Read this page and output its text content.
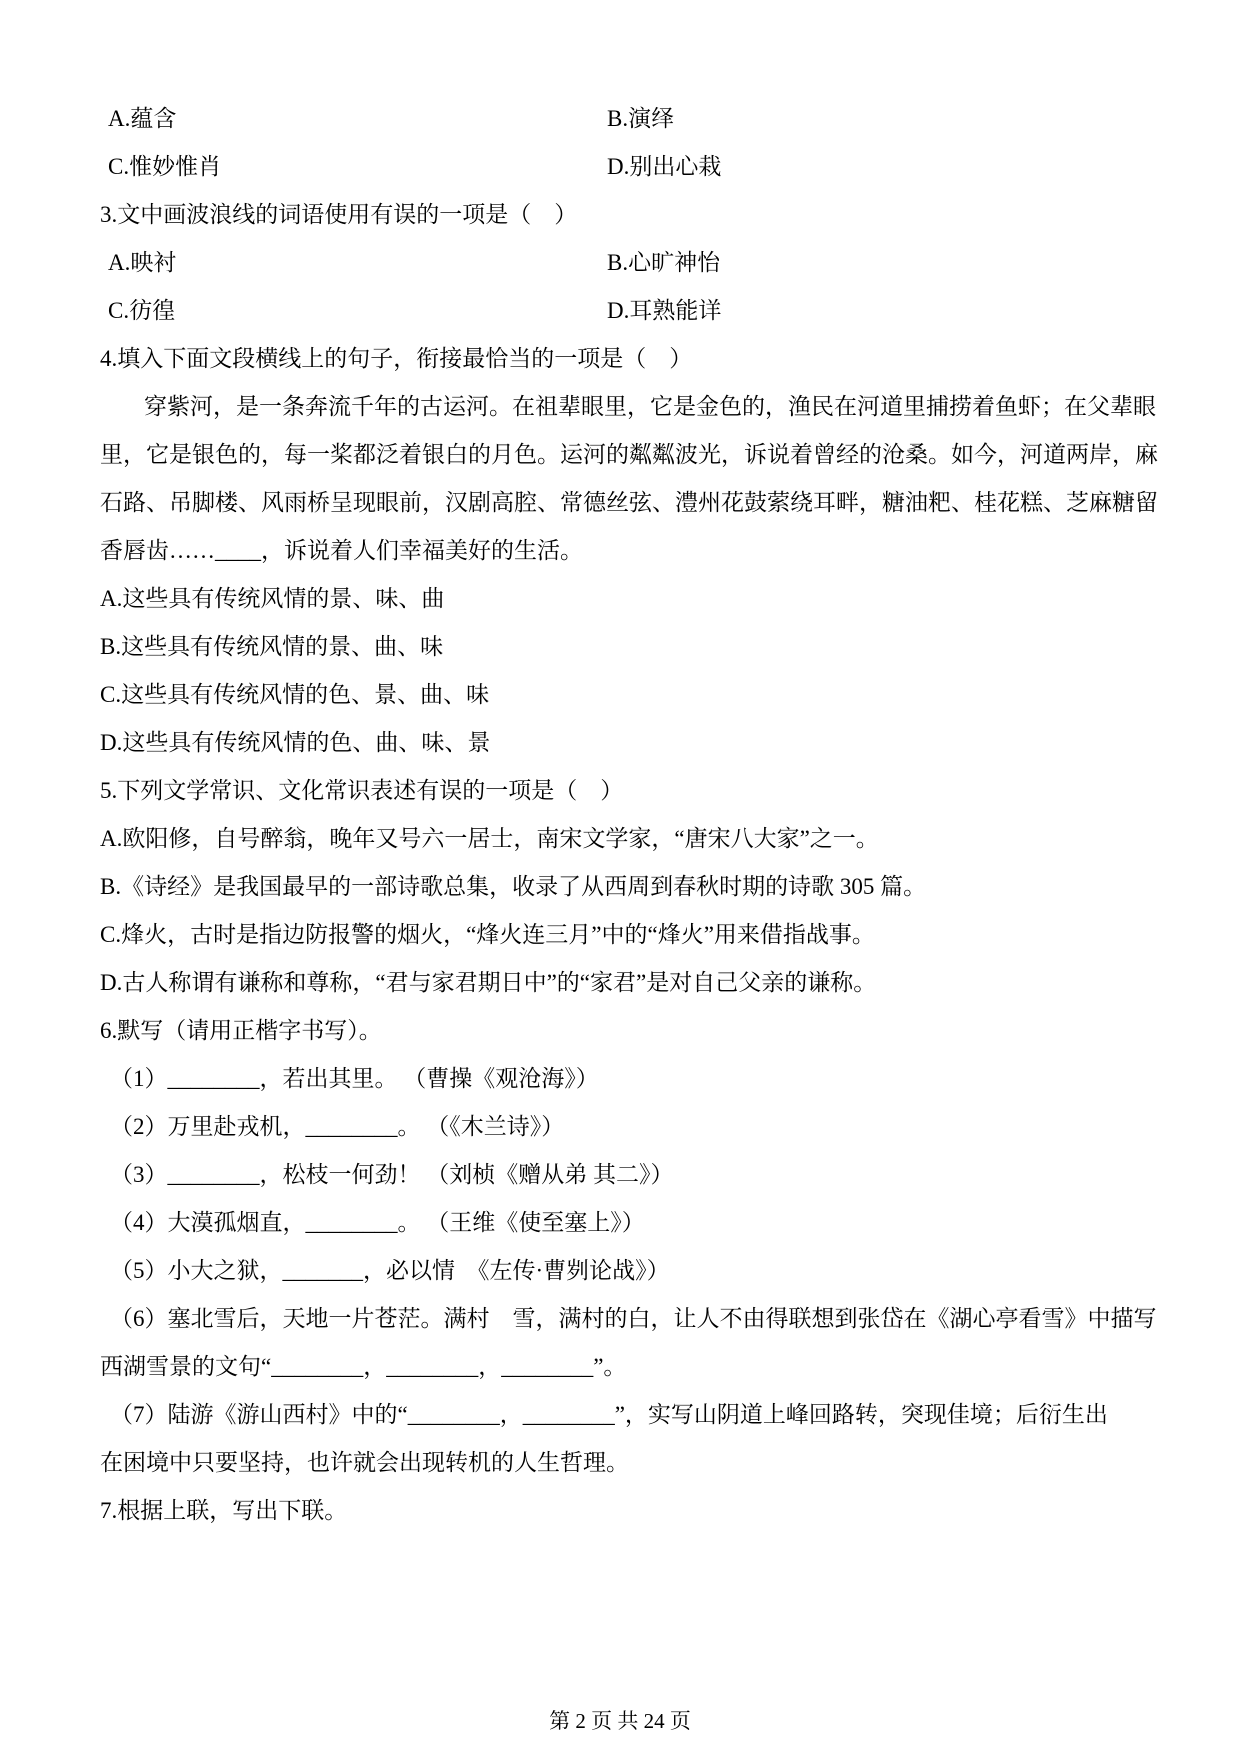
A.蕴含	B.演绎
C.惟妙惟肖	D.别出心栽
3.文中画波浪线的词语使用有误的一项是（　）
A.映衬	B.心旷神怡
C.彷徨	D.耳熟能详
4.填入下面文段横线上的句子，衔接最恰当的一项是（　）
穿紫河，是一条奔流千年的古运河。在祖辈眼里，它是金色的，渔民在河道里捕捞着鱼虾；在父辈眼
里，它是银色的，每一桨都泛着银白的月色。运河的粼粼波光，诉说着曾经的沧桑。如今，河道两岸，麻
石路、吊脚楼、风雨桥呈现眼前，汉剧高腔、常德丝弦、澧州花鼓萦绕耳畔，糖油粑、桂花糕、芝麻糖留
香唇齿……____，诉说着人们幸福美好的生活。
A.这些具有传统风情的景、味、曲
B.这些具有传统风情的景、曲、味
C.这些具有传统风情的色、景、曲、味
D.这些具有传统风情的色、曲、味、景
5.下列文学常识、文化常识表述有误的一项是（　）
A.欧阳修，自号醉翁，晚年又号六一居士，南宋文学家，“唐宋八大家”之一。
B.《诗经》是我国最早的一部诗歌总集，收录了从西周到春秋时期的诗歌 305 篇。
C.烽火，古时是指边防报警的烟火，“烽火连三月”中的“烽火”用来借指战事。
D.古人称谓有谦称和尊称，“君与家君期日中”的“家君”是对自己父亲的谦称。
6.默写（请用正楷字书写）。
（1）________，若出其里。 （曹操《观沧海》）
（2）万里赴戎机，________。 （《木兰诗》）
（3）________，松枝一何劲！ （刘桢《赠从弟 其二》）
（4）大漠孤烟直，________。 （王维《使至塞上》）
（5）小大之狱，_______，必以情　《左传·曹刿论战》）
（6）塞北雪后，天地一片苍茫。满村　雪，满村的白，让人不由得联想到张岱在《湖心亭看雪》中描写
西湖雪景的文句“________，________，________”。
（7）陆游《游山西村》中的“________，________”，实写山阴道上峰回路转，突现佳境；后衍生出
在困境中只要坚持，也许就会出现转机的人生哲理。
7.根据上联，写出下联。
第 2 页 共 24 页
